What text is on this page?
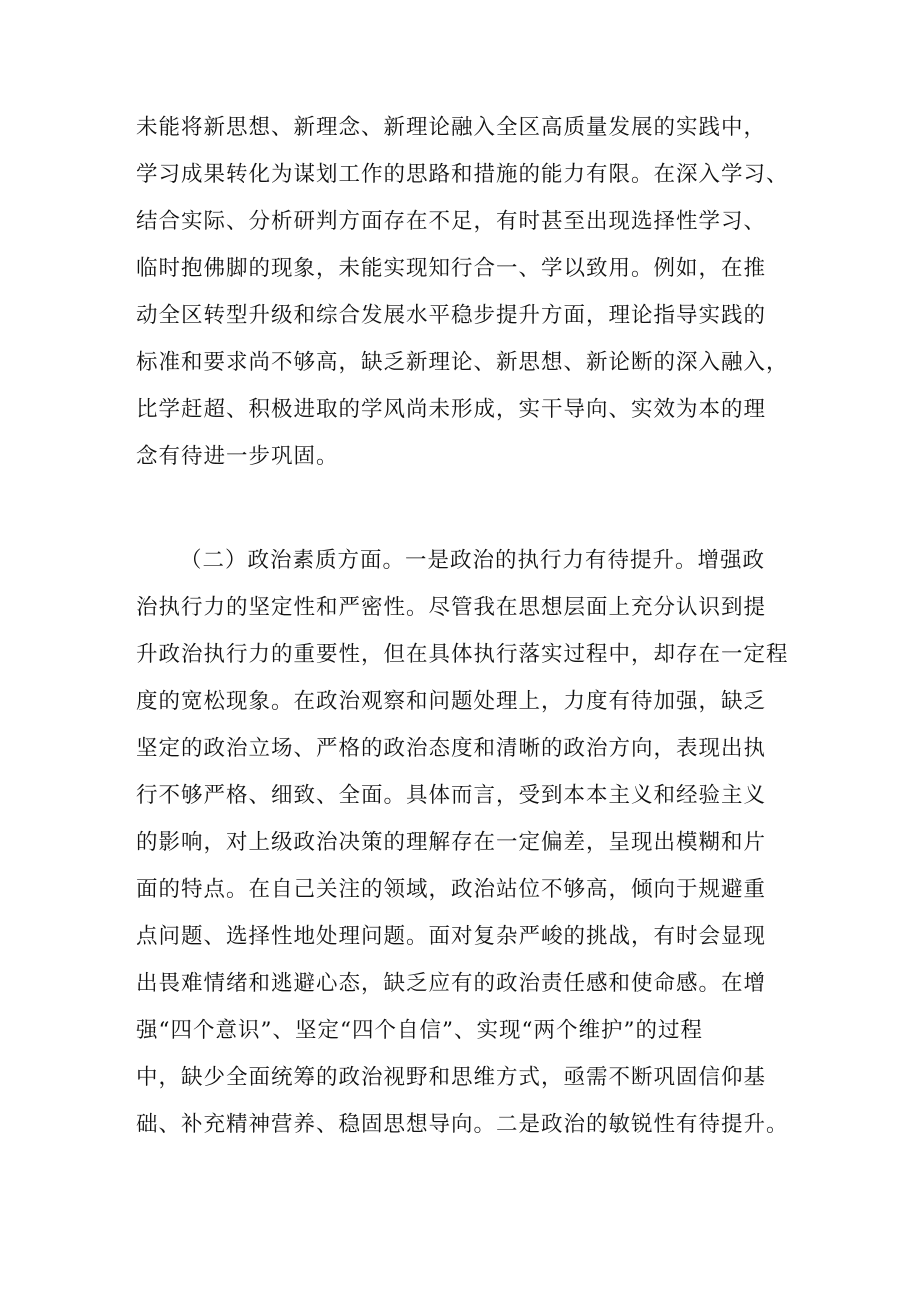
未能将新思想、新理念、新理论融入全区高质量发展的实践中，
学习成果转化为谋划工作的思路和措施的能力有限。在深入学习、
结合实际、分析研判方面存在不足，有时甚至出现选择性学习、
临时抱佛脚的现象，未能实现知行合一、学以致用。例如，在推
动全区转型升级和综合发展水平稳步提升方面，理论指导实践的
标准和要求尚不够高，缺乏新理论、新思想、新论断的深入融入，
比学赶超、积极进取的学风尚未形成，实干导向、实效为本的理
念有待进一步巩固。
（二）政治素质方面。一是政治的执行力有待提升。增强政
治执行力的坚定性和严密性。尽管我在思想层面上充分认识到提
升政治执行力的重要性，但在具体执行落实过程中，却存在一定程
度的宽松现象。在政治观察和问题处理上，力度有待加强，缺乏
坚定的政治立场、严格的政治态度和清晰的政治方向，表现出执
行不够严格、细致、全面。具体而言，受到本本主义和经验主义
的影响，对上级政治决策的理解存在一定偏差，呈现出模糊和片
面的特点。在自己关注的领域，政治站位不够高，倾向于规避重
点问题、选择性地处理问题。面对复杂严峻的挑战，有时会显现
出畏难情绪和逃避心态，缺乏应有的政治责任感和使命感。在增
强“四个意识”、坚定“四个自信”、实现“两个维护”的过程
中，缺少全面统筹的政治视野和思维方式，亟需不断巩固信仰基
础、补充精神营养、稳固思想导向。二是政治的敏锐性有待提升。
